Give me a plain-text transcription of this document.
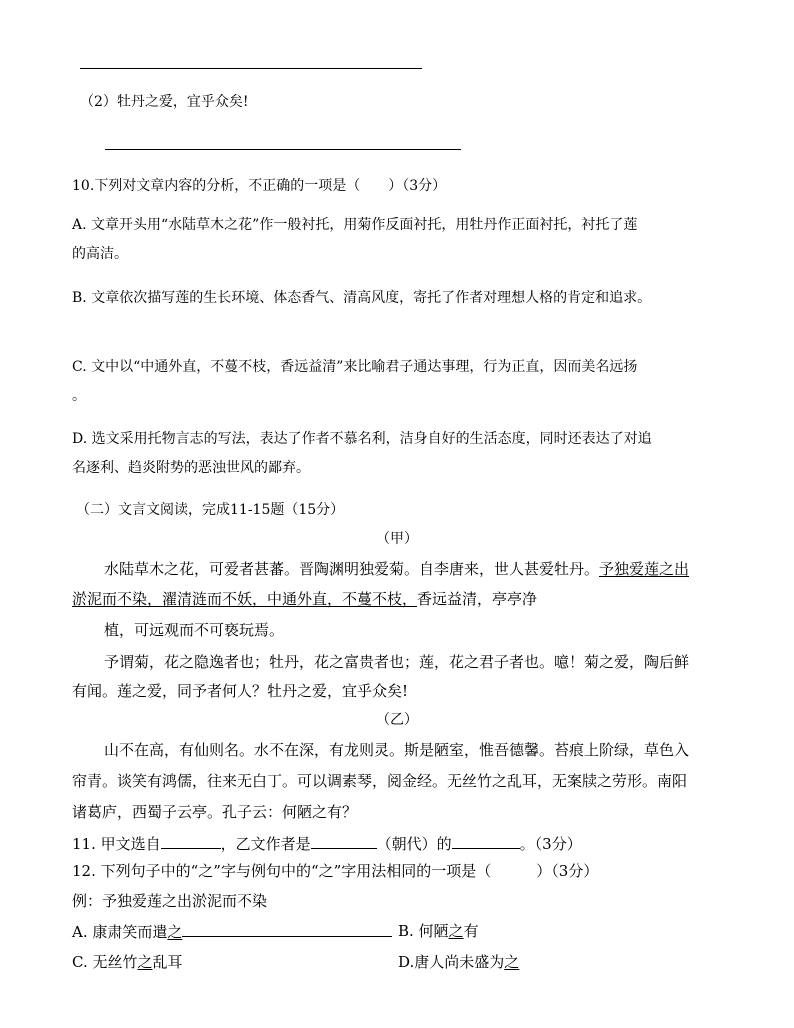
（2）牡丹之爱，宜乎众矣!
10.下列对文章内容的分析，不正确的一项是（　　）（3分）
A. 文章开头用“水陆草木之花”作一般衬托，用菊作反面衬托，用牡丹作正面衬托，衬托了莲
的高洁。
B. 文章依次描写莲的生长环境、体态香气、清高风度，寄托了作者对理想人格的肯定和追求。
C. 文中以“中通外直，不蔓不枝，香远益清”来比喻君子通达事理，行为正直，因而美名远扬
。
D. 选文采用托物言志的写法，表达了作者不慕名利，洁身自好的生活态度，同时还表达了对追
名逐利、趋炎附势的恶浊世风的鄙弃。
（二）文言文阅读，完成11-15题（15分）
（甲）
水陆草木之花，可爱者甚蕃。晋陶渊明独爱菊。自李唐来，世人甚爱牡丹。予独爱莲之出
淤泥而不染，濯清涟而不妖，中通外直，不蔓不枝，香远益清，亭亭净
植，可远观而不可亵玩焉。
予谓菊，花之隐逸者也；牡丹，花之富贵者也；莲，花之君子者也。噫！菊之爱，陶后鲜
有闻。莲之爱，同予者何人？牡丹之爱，宜乎众矣!
（乙）
山不在高，有仙则名。水不在深，有龙则灵。斯是陋室，惟吾德馨。苔痕上阶绿，草色入
帘青。谈笑有鸿儒，往来无白丁。可以调素琴，阅金经。无丝竹之乱耳，无案牍之劳形。南阳
诸葛庐，西蜀子云亭。孔子云：何陋之有？
11. 甲文选自	，乙文作者是	（朝代）的	。（3分）
12. 下列句子中的“之”字与例句中的“之”字用法相同的一项是（　　　）（3分）
例：予独爱莲之出淤泥而不染
A. 康肃笑而遣之	B. 何陋之有
C. 无丝竹之乱耳	D.唐人尚未盛为之
